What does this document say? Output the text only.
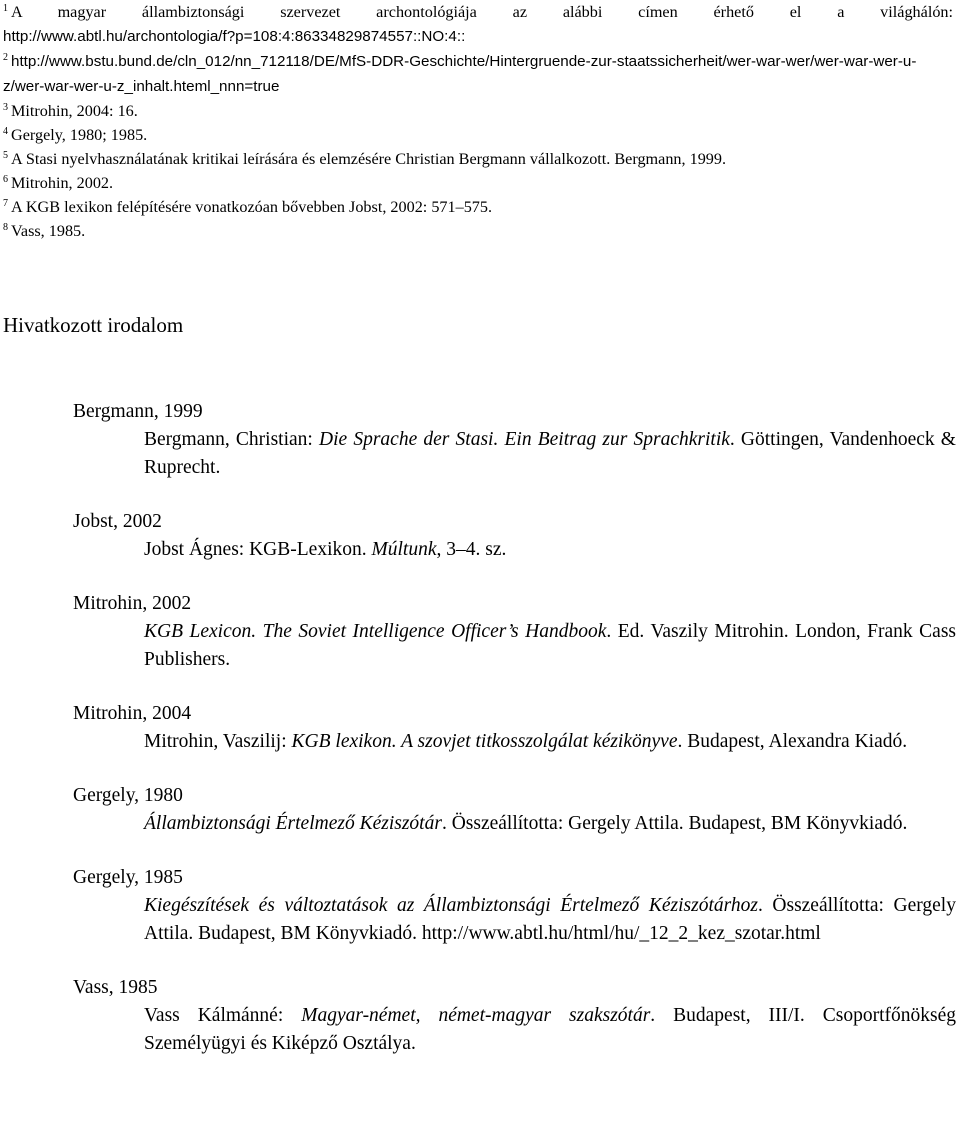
$^1$ A magyar állambiztonsági szervezet archontológiája az alábbi címen érhető el a világhálón:

http://www.abtl.hu/archontologia/f?p=108:4:86334829874557::NO:4::

$^2$ http://www.bstu.bund.de/cln_012/nn_712118/DE/MfS-DDR-Geschichte/Hintergruende-zur-staatssicherheit/wer-war-wer/wer-war-wer-u-z/wer-war-wer-u-z_inhalt.hteml_nnn=true

$^3$ Mitrohin, 2004: 16.

$^4$ Gergely, 1980; 1985.

$^5$ A Stasi nyelvhasználatának kritikai leírására és elemzésére Christian Bergmann vállalkozott. Bergmann, 1999.

$^6$ Mitrohin, 2002.

$^7$ A KGB lexikon felépítésére vonatkozóan bővebben Jobst, 2002: 571–575.

$^8$ Vass, 1985.

Hivatkozott irodalom
Bergmann, 1999
Bergmann, Christian: Die Sprache der Stasi. Ein Beitrag zur Sprachkritik. Göttingen, Vandenhoeck & Ruprecht.
Jobst, 2002
Jobst Ágnes: KGB-Lexikon. Múltunk, 3–4. sz.
Mitrohin, 2002
KGB Lexicon. The Soviet Intelligence Officer’s Handbook. Ed. Vaszily Mitrohin. London, Frank Cass Publishers.
Mitrohin, 2004
Mitrohin, Vaszilij: KGB lexikon. A szovjet titkosszolgálat kézikönyve. Budapest, Alexandra Kiadó.
Gergely, 1980
Állambiztonsági Értelmező Kéziszótár. Összeállította: Gergely Attila. Budapest, BM Könyvkiadó.
Gergely, 1985
Kiegészítések és változtatások az Állambiztonsági Értelmező Kéziszótárhoz. Összeállította: Gergely Attila. Budapest, BM Könyvkiadó. http://www.abtl.hu/html/hu/_12_2_kez_szotar.html
Vass, 1985
Vass Kálmánné: Magyar-német, német-magyar szakszótár. Budapest, III/I. Csoportfőnökség Személyügyi és Kiképző Osztálya.
